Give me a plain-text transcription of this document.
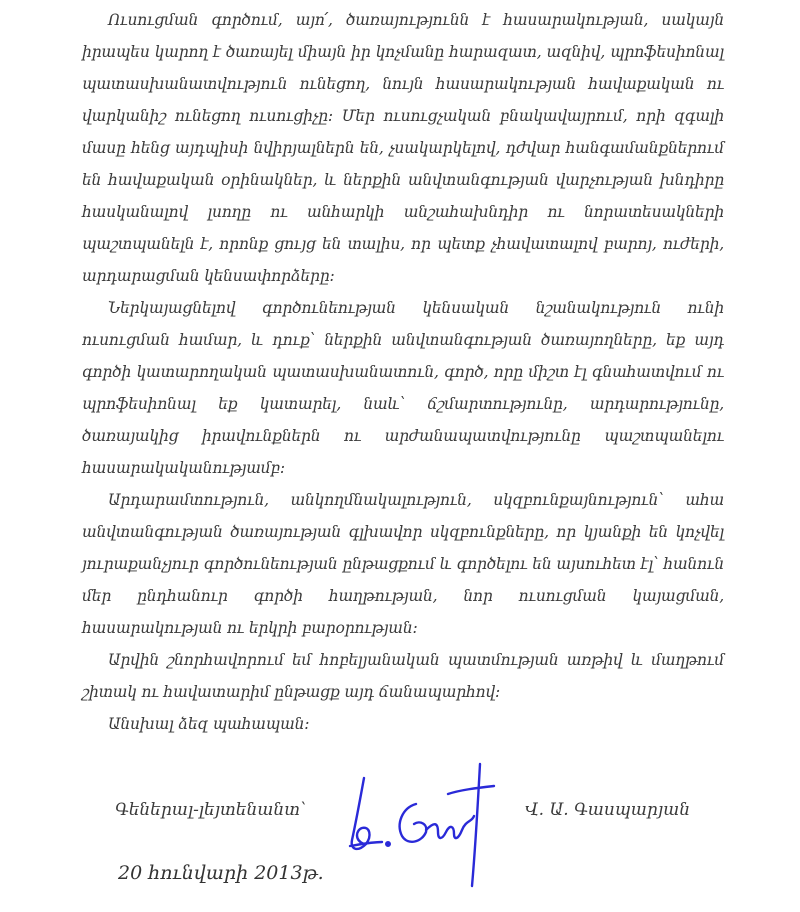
Ուսուցման գործում, այո՛, ծառայությունն է հասարակության, սակայն իրապես կարող է ծառայել միայն իր կոչմանը հարազատ, ազնիվ, պրոֆեսիոնալ պատասխանատվություն ունեցող, նույն հասարակության հավաքական ու վարկանիշ ունեցող ուսուցիչը։ Մեր ուսուցչական բնակավայրում, որի զգալի մասը հենց այդպիսի նվիրյալներն են, չսակարկելով, դժվար հանգամանքներում են հավաքական օրինակներ, և ներքին անվտանգության վարչության խնդիրը հասկանալով լսողը ու անհարկի անշահախնդիր ու նորատեսակների պաշտպանելն է, որոնք ցույց են տալիս, որ պետք չհավատալով բարոյ, ուժերի, արդարացման կենսափորձերը։

Ներկայացնելով գործունեության կենսական նշանակություն ունի ուսուցման համար, և դուք՝ ներքին անվտանգության ծառայողները, եք այդ գործի կատարողական պատասխանատուն, գործ, որը միշտ էլ գնահատվում ու պրոֆեսիոնալ եք կատարել, նաև՝ ճշմարտությունը, արդարությունը, ծառայակից իրավունքներն ու արժանապատվությունը պաշտպանելու հասարակականությամբ։

Արդարամտություն, անկողմնակալություն, սկզբունքայնություն՝ ահա անվտանգության ծառայության գլխավոր սկզբունքները, որ կյանքի են կոչվել յուրաքանչյուր գործունեության ընթացքում և գործելու են այսուհետ էլ՝ հանուն մեր ընդհանուր գործի հաղթության, նոր ուսուցման կայացման, հասարակության ու երկրի բարօրության։

Արվին շնորհավորում եմ հոբելյանական պատմության առթիվ և մաղթում շիտակ ու հավատարիմ ընթացք այդ ճանապարհով։

Անսխալ ձեզ պահապան։

Գեներալ-լեյտենանտ՝	Վ. Ա. Գասպարյան
20 հունվարի 2013թ.
